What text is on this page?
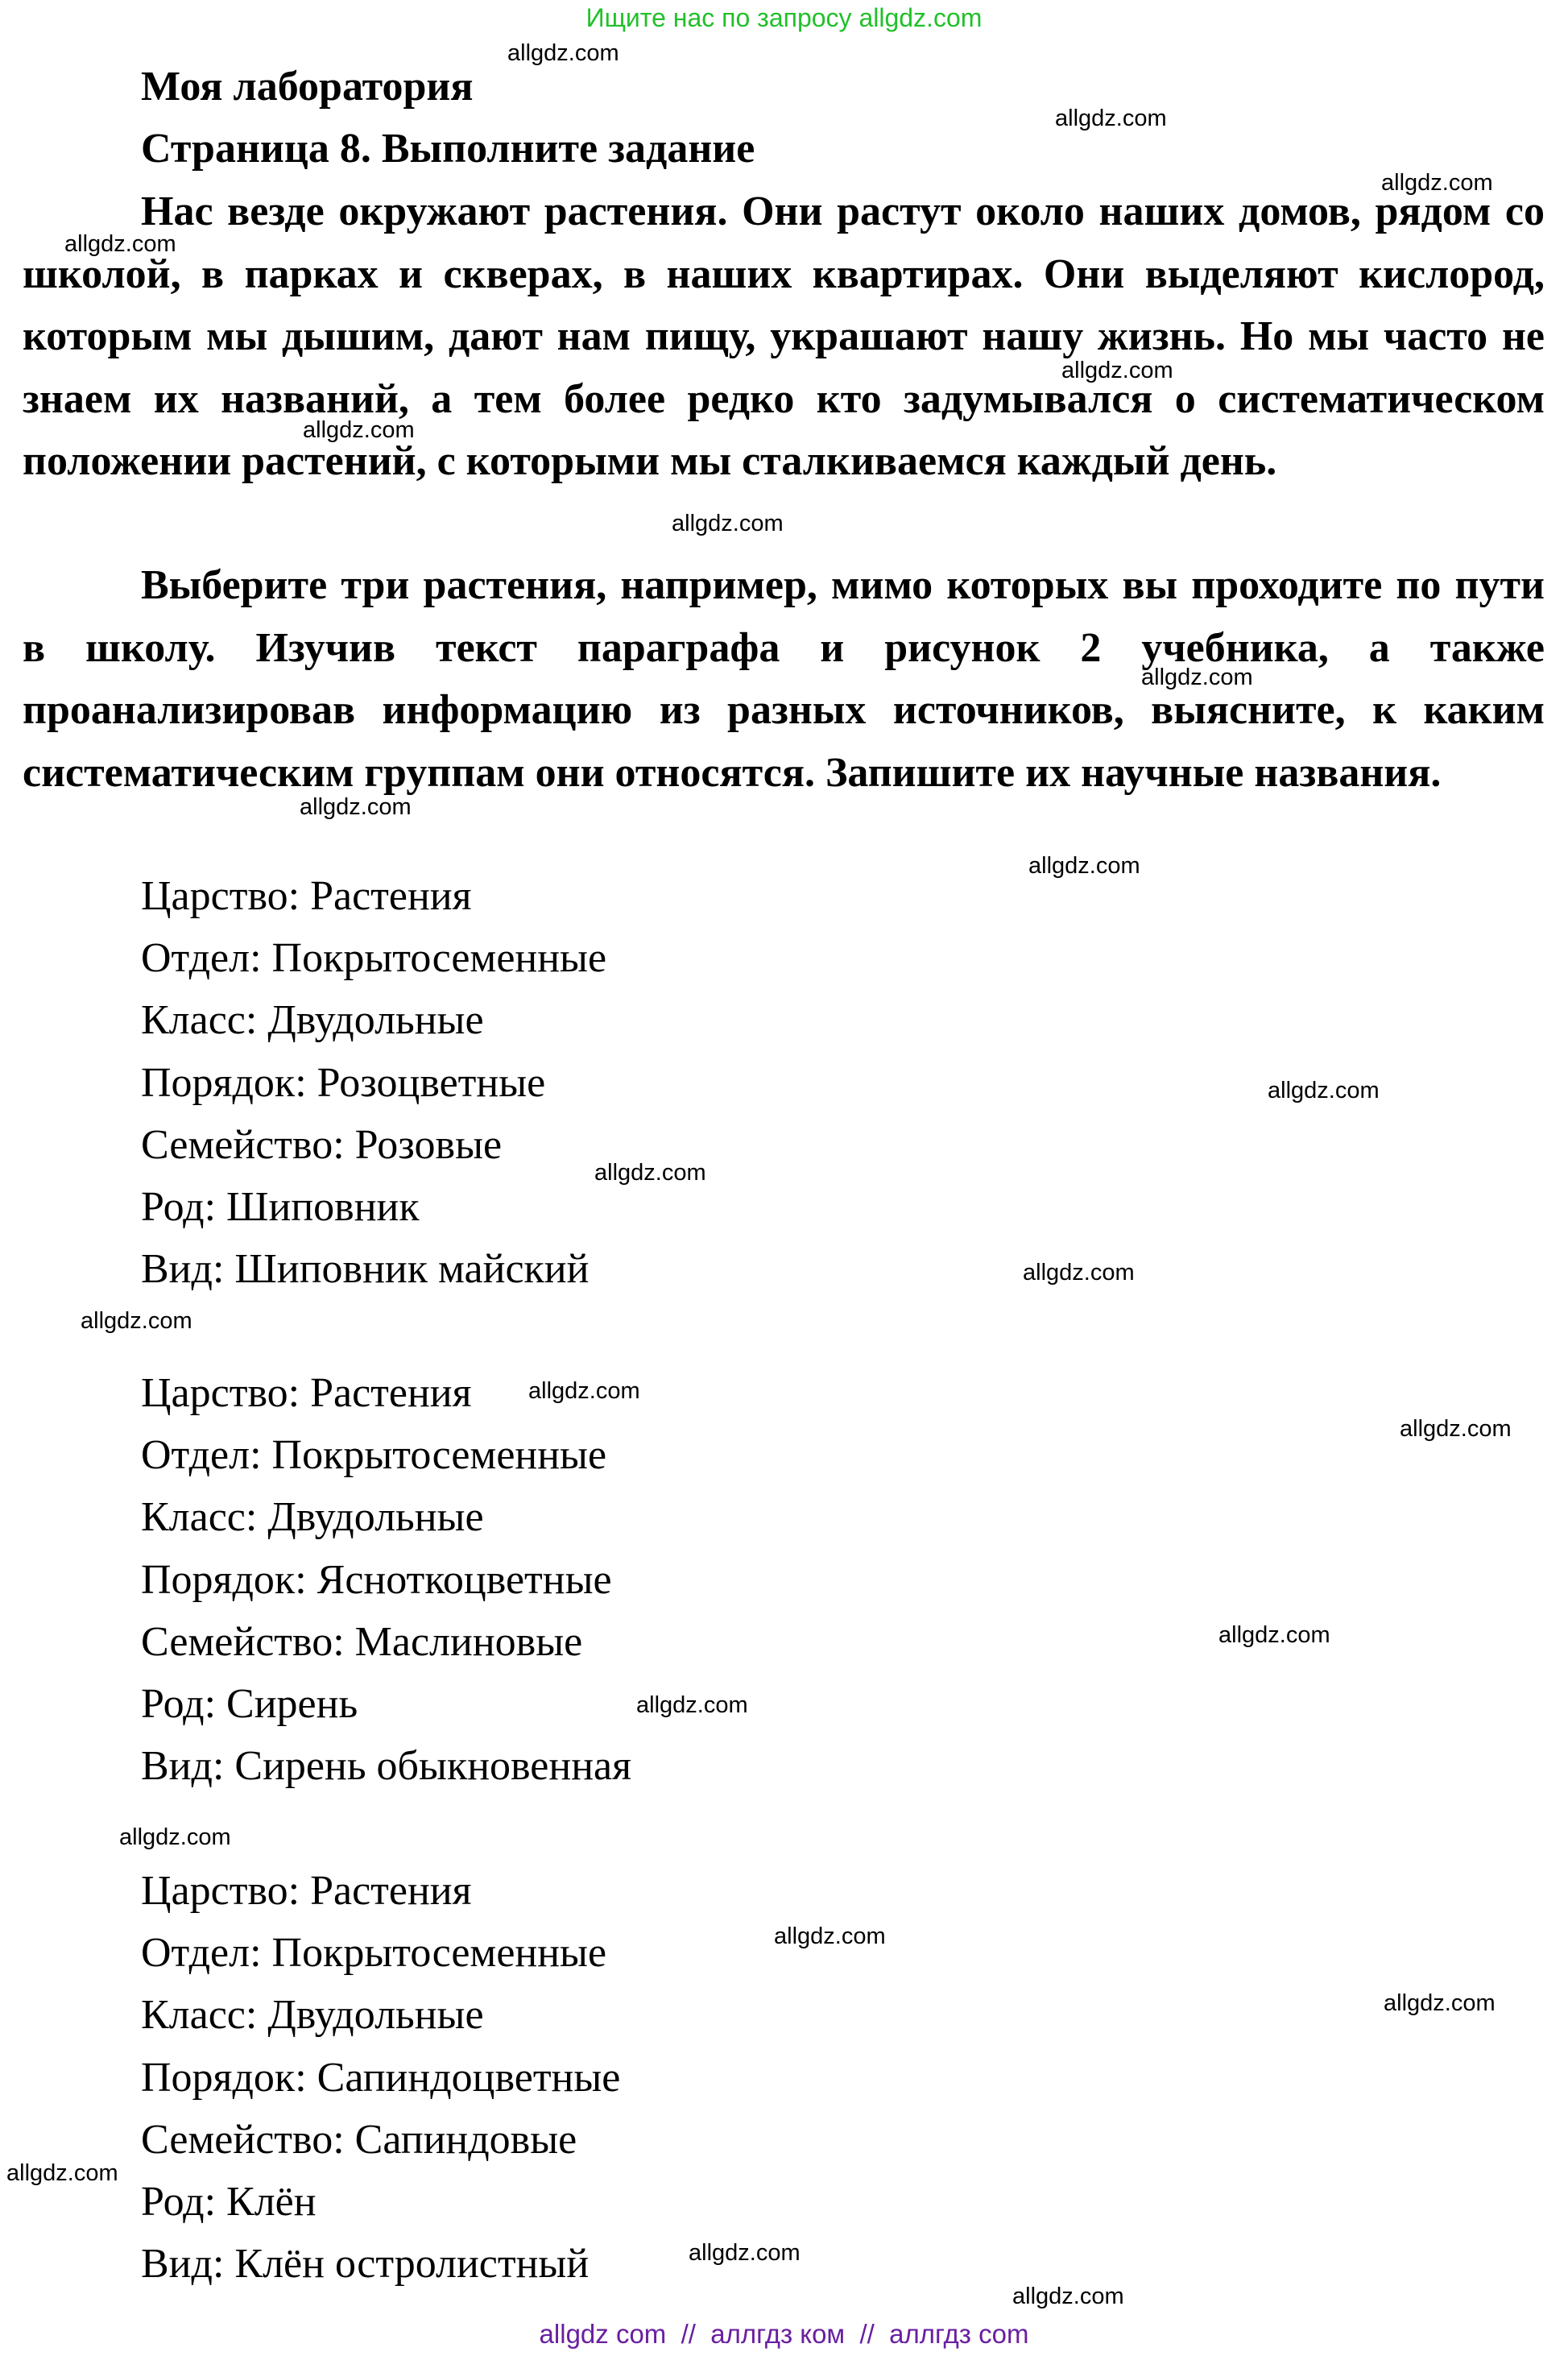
Ищите нас по запросу allgdz.com
Моя лаборатория
Страница 8. Выполните задание
Нас везде окружают растения. Они растут около наших домов, рядом со школой, в парках и скверах, в наших квартирах. Они выделяют кислород, которым мы дышим, дают нам пищу, украшают нашу жизнь. Но мы часто не знаем их названий, а тем более редко кто задумывался о систематическом положении растений, с которыми мы сталкиваемся каждый день.
Выберите три растения, например, мимо которых вы проходите по пути в школу. Изучив текст параграфа и рисунок 2 учебника, а также проанализировав информацию из разных источников, выясните, к каким систематическим группам они относятся. Запишите их научные названия.
Царство: Растения
Отдел: Покрытосеменные
Класс: Двудольные
Порядок: Розоцветные
Семейство: Розовые
Род: Шиповник
Вид: Шиповник майский
Царство: Растения
Отдел: Покрытосеменные
Класс: Двудольные
Порядок: Ясноткоцветные
Семейство: Маслиновые
Род: Сирень
Вид: Сирень обыкновенная
Царство: Растения
Отдел: Покрытосеменные
Класс: Двудольные
Порядок: Сапиндоцветные
Семейство: Сапиндовые
Род: Клён
Вид: Клён остролистный
allgdz.com
allgdz.com
allgdz.com
allgdz.com
allgdz.com
allgdz.com
allgdz.com
allgdz.com
allgdz.com
allgdz.com
allgdz.com
allgdz.com
allgdz.com
allgdz.com
allgdz.com
allgdz.com
allgdz.com
allgdz.com
allgdz.com
allgdz.com
allgdz.com
allgdz.com
allgdz.com
allgdz.com
allgdz com  //  аллгдз ком  //  аллгдз com
